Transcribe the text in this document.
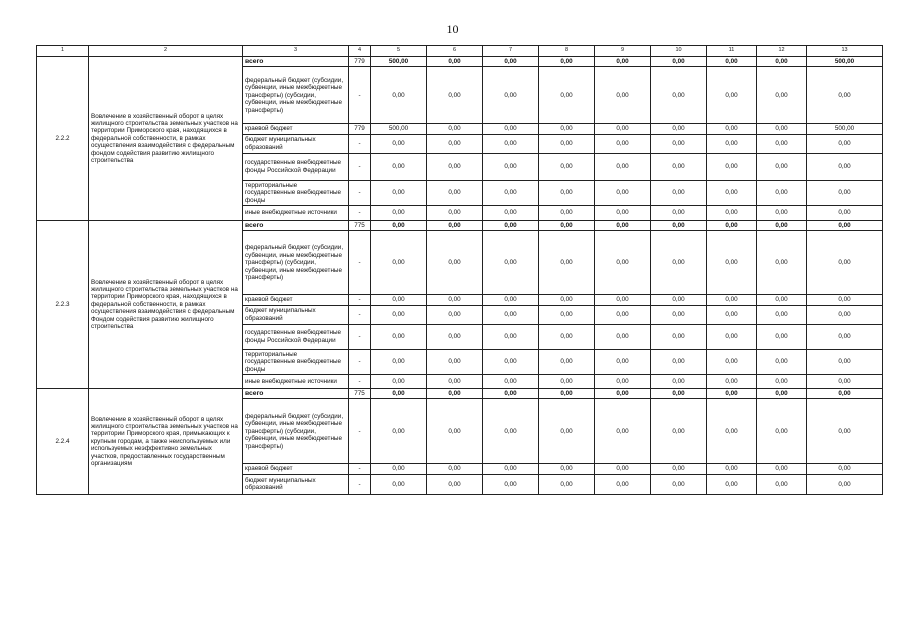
10
1	2	3	4	5	6	7	8	9	10	11	12	13
2.2.2	Вовлечение в хозяйственный оборот в целях жилищного строительства земельных участков на территории Приморского края, находящихся в федеральной собственности, в рамках осуществления взаимодействия с федеральным фондом содействия развитию жилищного строительства	всего	779	500,00	0,00	0,00	0,00	0,00	0,00	0,00	0,00	500,00
		федеральный бюджет (субсидии, субвенции, иные межбюджетные трансферты) (субсидии, субвенции, иные межбюджетные трансферты)	-	0,00	0,00	0,00	0,00	0,00	0,00	0,00	0,00	0,00
		краевой бюджет	779	500,00	0,00	0,00	0,00	0,00	0,00	0,00	0,00	500,00
		бюджет муниципальных образований	-	0,00	0,00	0,00	0,00	0,00	0,00	0,00	0,00	0,00
		государственные внебюджетные фонды Российской Федерации	-	0,00	0,00	0,00	0,00	0,00	0,00	0,00	0,00	0,00
		территориальные государственные внебюджетные фонды	-	0,00	0,00	0,00	0,00	0,00	0,00	0,00	0,00	0,00
		иные внебюджетные источники	-	0,00	0,00	0,00	0,00	0,00	0,00	0,00	0,00	0,00
2.2.3	Вовлечение в хозяйственный оборот в целях жилищного строительства земельных участков на территории Приморского края, находящихся в федеральной собственности, в рамках осуществления взаимодействия с федеральным Фондом содействия развитию жилищного строительства	всего	775	0,00	0,00	0,00	0,00	0,00	0,00	0,00	0,00	0,00
		федеральный бюджет (субсидии, субвенции, иные межбюджетные трансферты) (субсидии, субвенции, иные межбюджетные трансферты)	-	0,00	0,00	0,00	0,00	0,00	0,00	0,00	0,00	0,00
		краевой бюджет	-	0,00	0,00	0,00	0,00	0,00	0,00	0,00	0,00	0,00
		бюджет муниципальных образований	-	0,00	0,00	0,00	0,00	0,00	0,00	0,00	0,00	0,00
		государственные внебюджетные фонды Российской Федерации	-	0,00	0,00	0,00	0,00	0,00	0,00	0,00	0,00	0,00
		территориальные государственные внебюджетные фонды	-	0,00	0,00	0,00	0,00	0,00	0,00	0,00	0,00	0,00
		иные внебюджетные источники	-	0,00	0,00	0,00	0,00	0,00	0,00	0,00	0,00	0,00
2.2.4	Вовлечение в хозяйственный оборот в целях жилищного строительства земельных участков на территории Приморского края, примыкающих к крупным городам, а также неиспользуемых или используемых неэффективно земельных участков, предоставленных государственным организациям	всего	775	0,00	0,00	0,00	0,00	0,00	0,00	0,00	0,00	0,00
		федеральный бюджет (субсидии, субвенции, иные межбюджетные трансферты) (субсидии, субвенции, иные межбюджетные трансферты)	-	0,00	0,00	0,00	0,00	0,00	0,00	0,00	0,00	0,00
		краевой бюджет	-	0,00	0,00	0,00	0,00	0,00	0,00	0,00	0,00	0,00
		бюджет муниципальных образований	-	0,00	0,00	0,00	0,00	0,00	0,00	0,00	0,00	0,00
